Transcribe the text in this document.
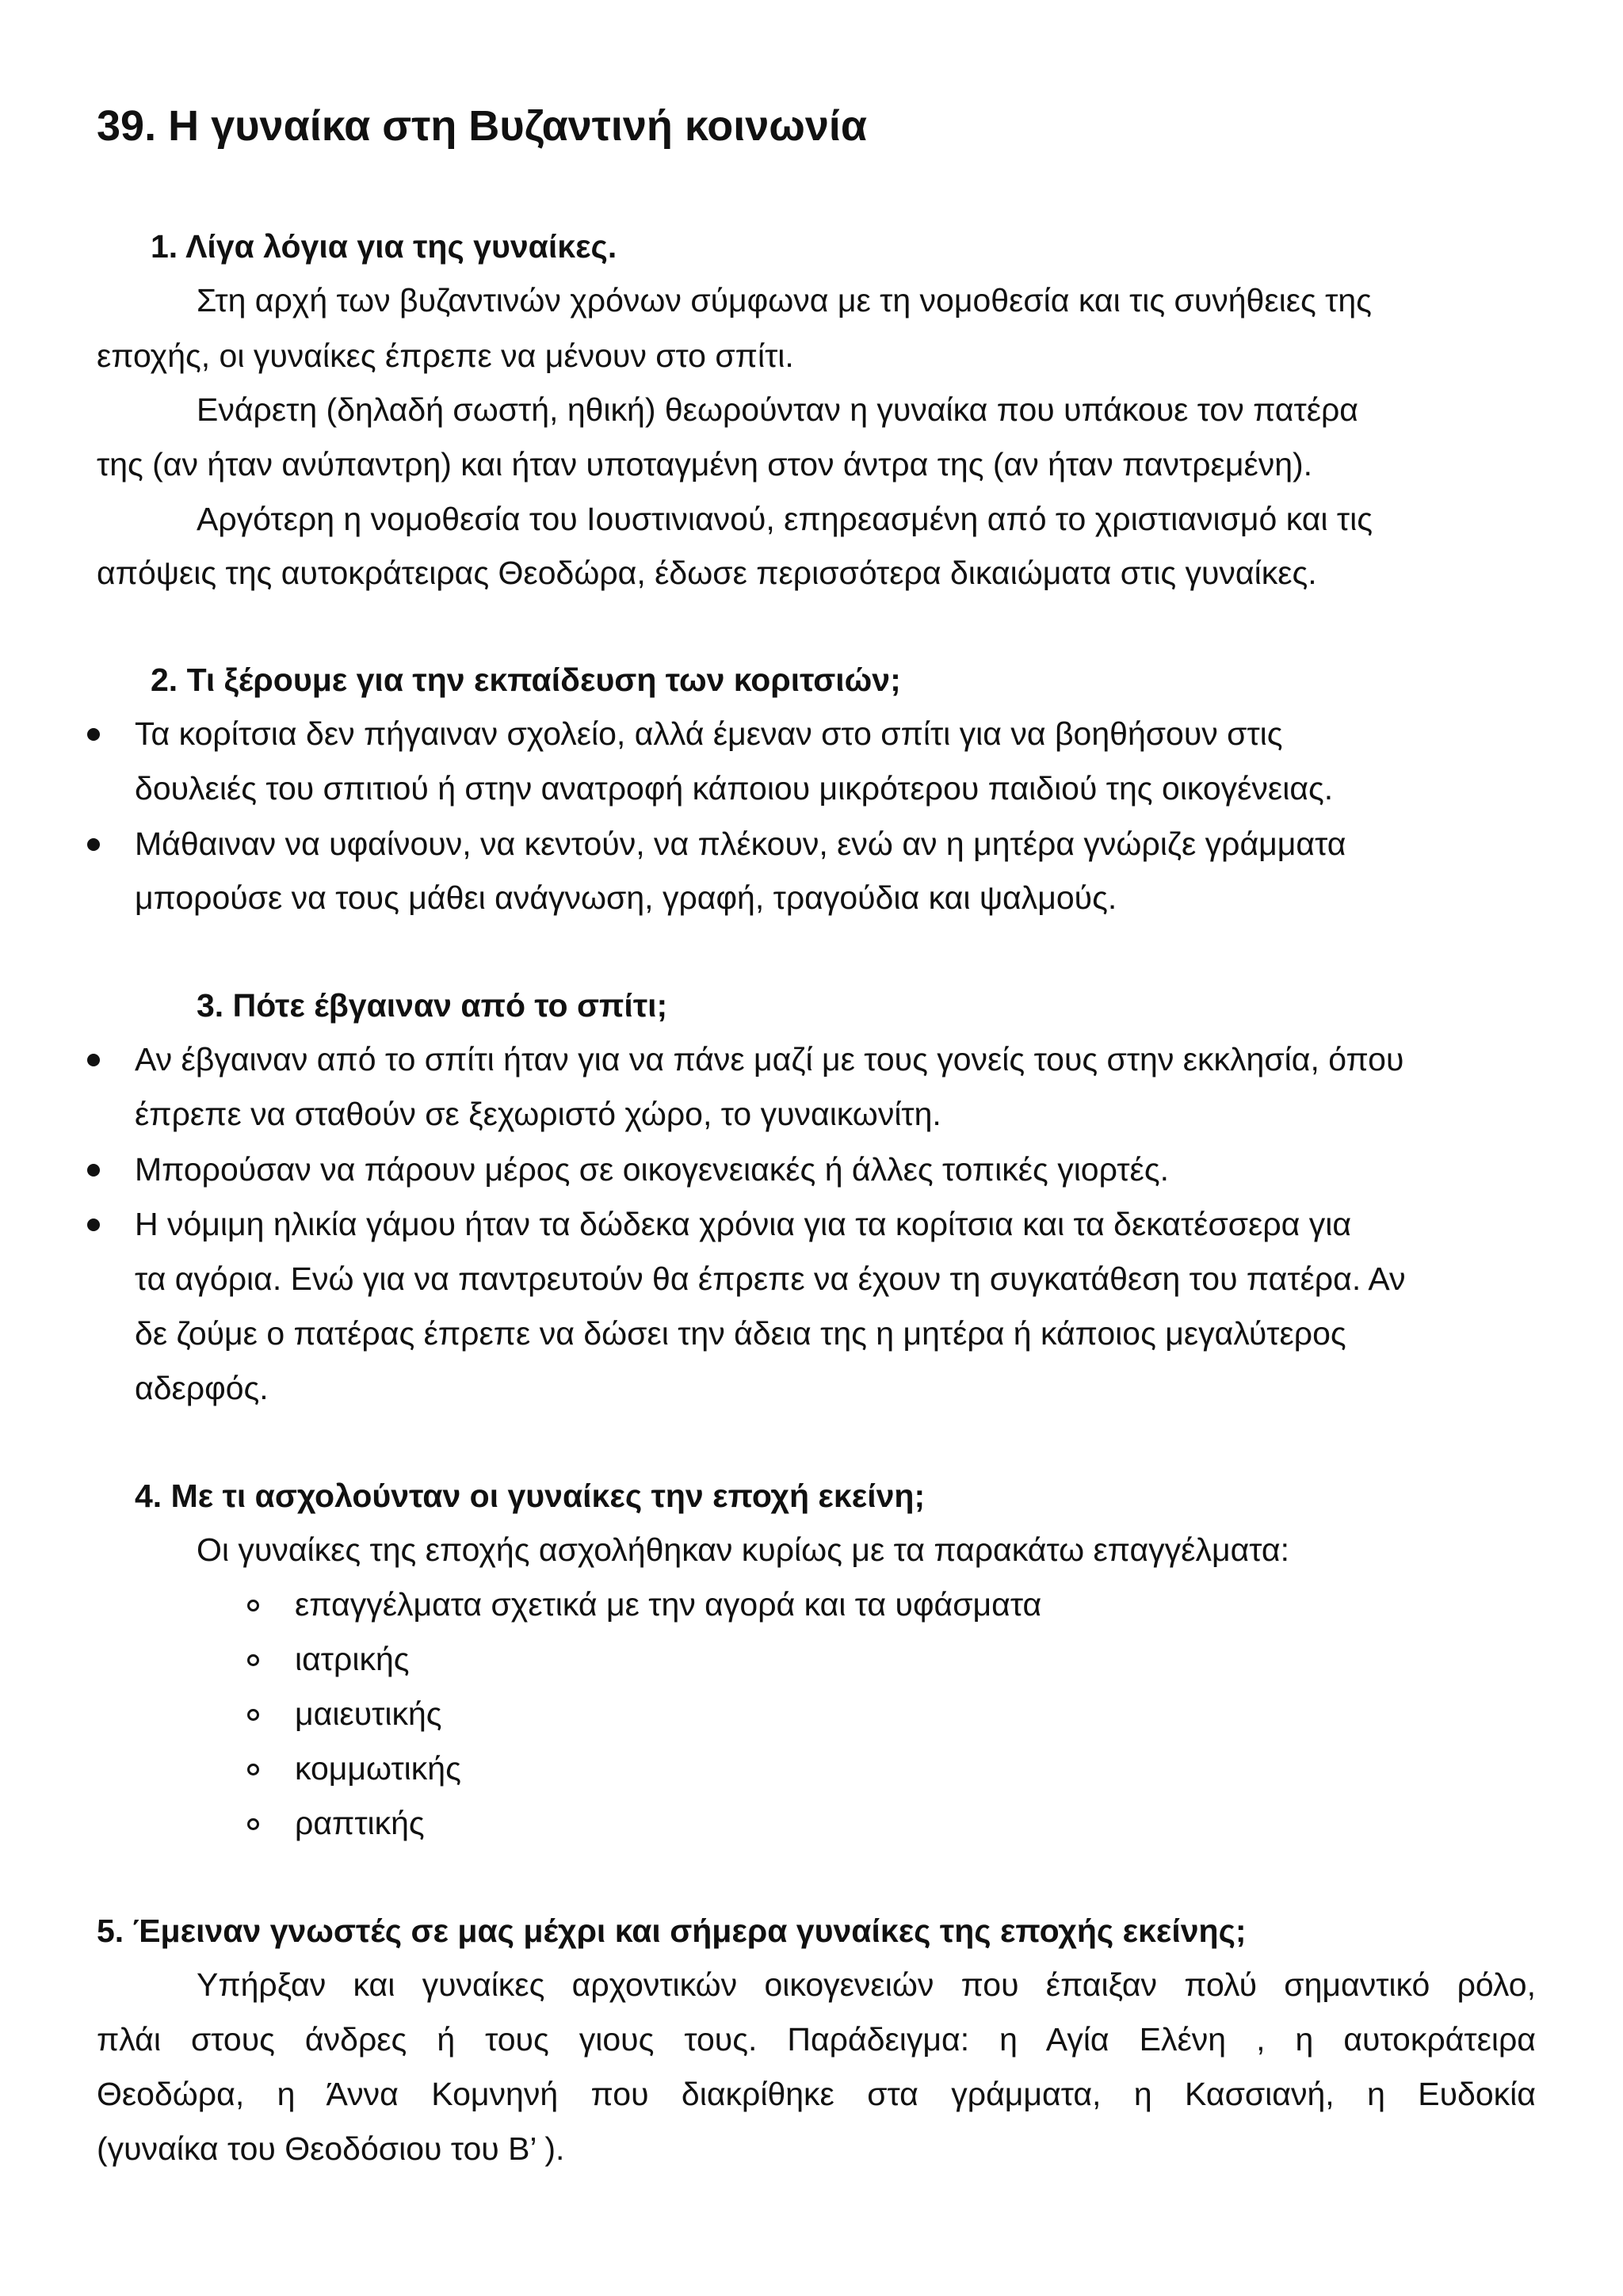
39. Η γυναίκα στη Βυζαντινή κοινωνία
1. Λίγα λόγια για της γυναίκες.
Στη αρχή των βυζαντινών χρόνων σύμφωνα με τη νομοθεσία και τις συνήθειες της
εποχής, οι γυναίκες έπρεπε να μένουν στο σπίτι.
Ενάρετη (δηλαδή σωστή, ηθική) θεωρούνταν η γυναίκα που υπάκουε τον πατέρα
της (αν ήταν ανύπαντρη) και ήταν υποταγμένη στον άντρα της (αν ήταν παντρεμένη).
Αργότερη η νομοθεσία του Ιουστινιανού, επηρεασμένη από το χριστιανισμό και τις
απόψεις της αυτοκράτειρας Θεοδώρα, έδωσε περισσότερα δικαιώματα στις γυναίκες.
2. Τι ξέρουμε για την εκπαίδευση των κοριτσιών;
Τα κορίτσια δεν πήγαιναν σχολείο, αλλά έμεναν στο σπίτι για να βοηθήσουν στις
δουλειές του σπιτιού ή στην ανατροφή κάποιου μικρότερου παιδιού της οικογένειας.
Μάθαιναν να υφαίνουν, να κεντούν, να πλέκουν, ενώ αν η μητέρα γνώριζε γράμματα
μπορούσε να τους μάθει ανάγνωση, γραφή, τραγούδια και ψαλμούς.
3. Πότε έβγαιναν από το σπίτι;
Αν έβγαιναν από το σπίτι ήταν για να πάνε μαζί με τους γονείς τους στην εκκλησία, όπου
έπρεπε να σταθούν σε ξεχωριστό χώρο, το γυναικωνίτη.
Μπορούσαν να πάρουν μέρος σε οικογενειακές ή άλλες τοπικές γιορτές.
Η νόμιμη ηλικία γάμου ήταν τα δώδεκα χρόνια για τα κορίτσια και τα δεκατέσσερα για
τα αγόρια. Ενώ για να παντρευτούν θα έπρεπε να έχουν τη συγκατάθεση του πατέρα. Αν
δε ζούμε ο πατέρας έπρεπε να δώσει την άδεια της η μητέρα ή κάποιος μεγαλύτερος
αδερφός.
4. Με τι ασχολούνταν οι γυναίκες την εποχή εκείνη;
Οι γυναίκες της εποχής ασχολήθηκαν κυρίως με τα παρακάτω επαγγέλματα:
επαγγέλματα σχετικά με την αγορά και τα υφάσματα
ιατρικής
μαιευτικής
κομμωτικής
ραπτικής
5. Έμειναν γνωστές σε μας μέχρι και σήμερα γυναίκες της εποχής εκείνης;
Υπήρξαν και γυναίκες αρχοντικών οικογενειών που έπαιξαν πολύ σημαντικό ρόλο,
πλάι στους άνδρες ή τους γιους τους. Παράδειγμα: η Αγία Ελένη , η αυτοκράτειρα
Θεοδώρα, η Άννα Κομνηνή που διακρίθηκε στα γράμματα, η Κασσιανή, η Ευδοκία
(γυναίκα του Θεοδόσιου του Β’ ).
